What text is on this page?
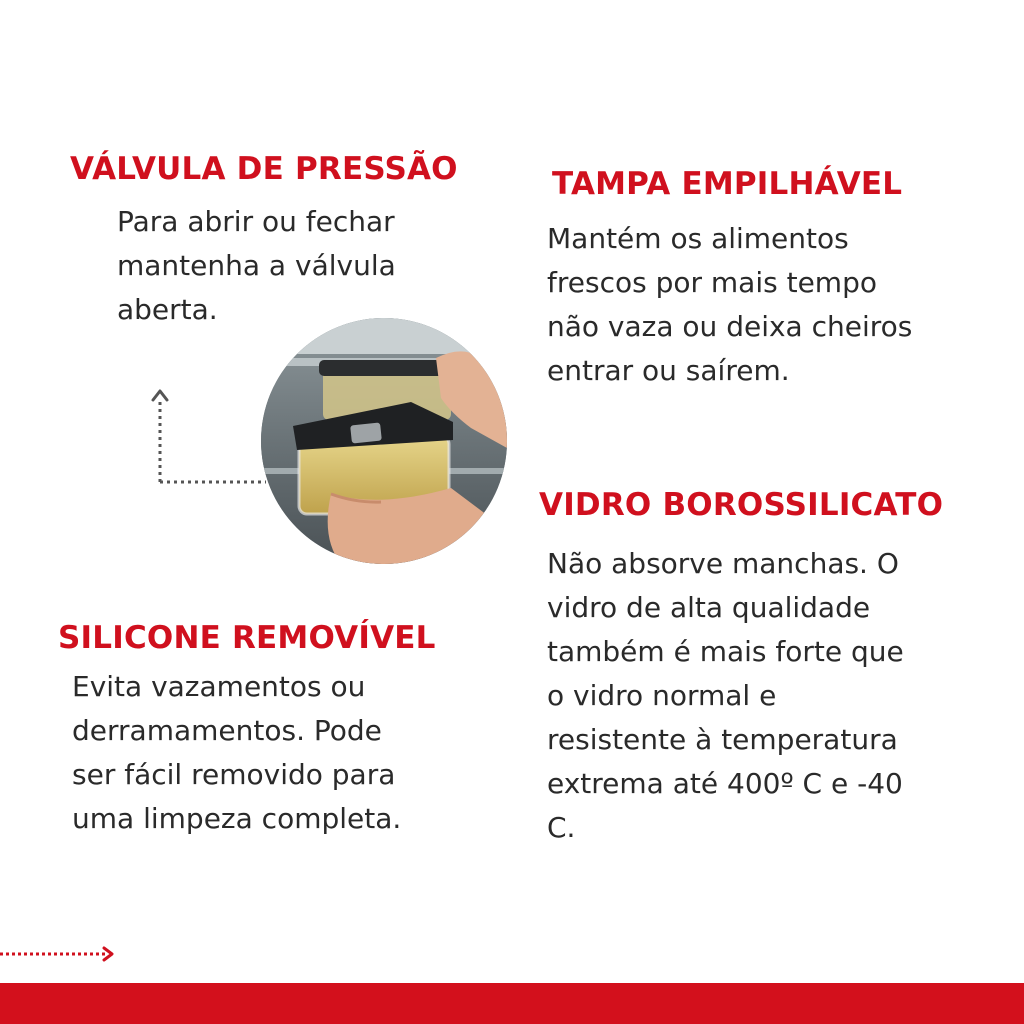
VÁLVULA DE PRESSÃO

Para abrir ou fechar
mantenha a válvula
aberta.

TAMPA EMPILHÁVEL

Mantém os alimentos
frescos por mais tempo
não vaza ou deixa cheiros
entrar ou saírem.

VIDRO BOROSSILICATO

Não absorve manchas. O
vidro de alta qualidade
também é mais forte que
o vidro normal e
resistente à temperatura
extrema até 400º C e -40
C.

SILICONE REMOVÍVEL

Evita vazamentos ou
derramamentos. Pode
ser fácil removido para
uma limpeza completa.
